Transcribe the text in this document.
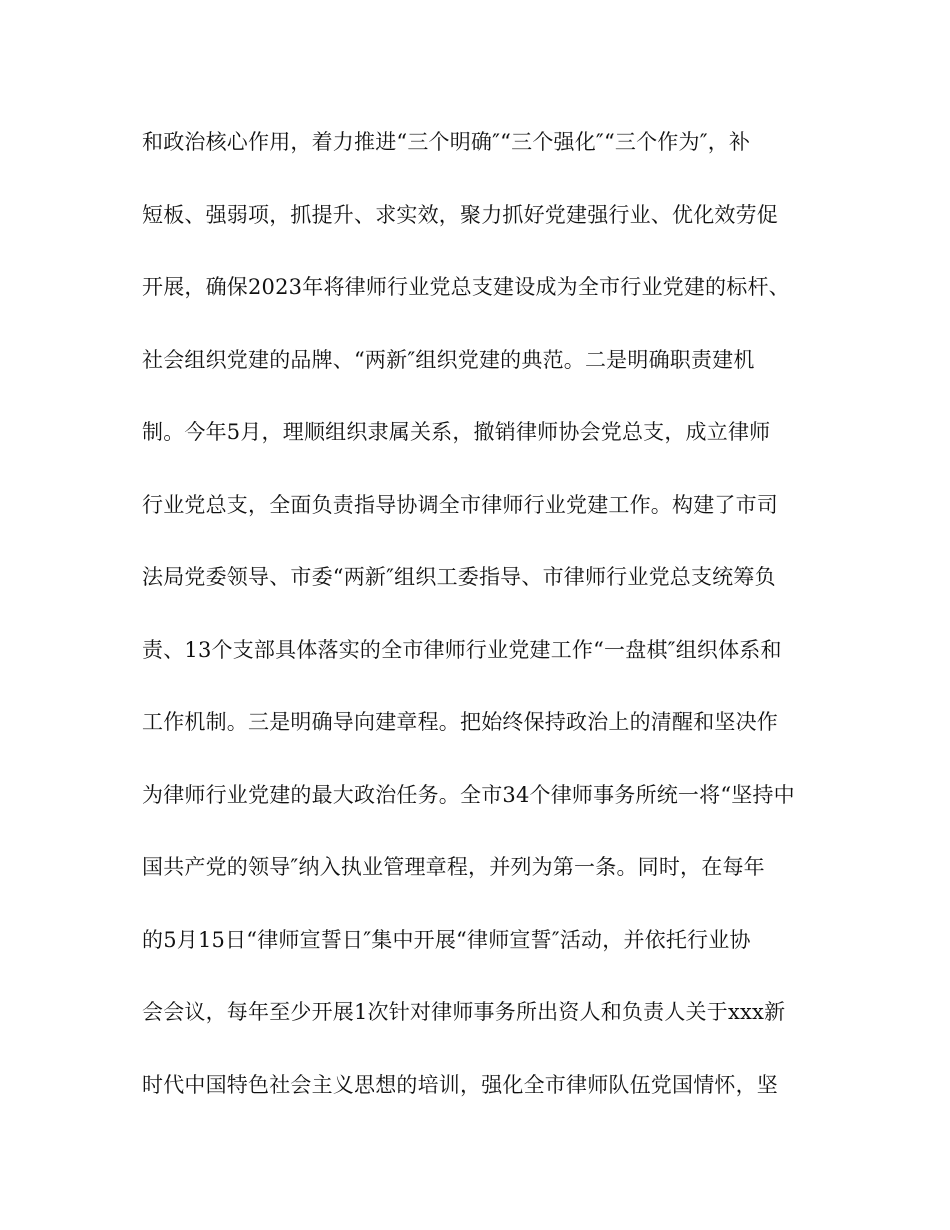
和政治核心作用，着力推进“三个明确″“三个强化″“三个作为″，补
短板、强弱项，抓提升、求实效，聚力抓好党建强行业、优化效劳促
开展，确保2023年将律师行业党总支建设成为全市行业党建的标杆、
社会组织党建的品牌、“两新″组织党建的典范。二是明确职责建机
制。今年5月，理顺组织隶属关系，撤销律师协会党总支，成立律师
行业党总支，全面负责指导协调全市律师行业党建工作。构建了市司
法局党委领导、市委“两新″组织工委指导、市律师行业党总支统筹负
责、13个支部具体落实的全市律师行业党建工作“一盘棋″组织体系和
工作机制。三是明确导向建章程。把始终保持政治上的清醒和坚决作
为律师行业党建的最大政治任务。全市34个律师事务所统一将“坚持中
国共产党的领导″纳入执业管理章程，并列为第一条。同时，在每年
的5月15日“律师宣誓日″集中开展“律师宣誓″活动，并依托行业协
会会议，每年至少开展1次针对律师事务所出资人和负责人关于xxx新
时代中国特色社会主义思想的培训，强化全市律师队伍党国情怀，坚
